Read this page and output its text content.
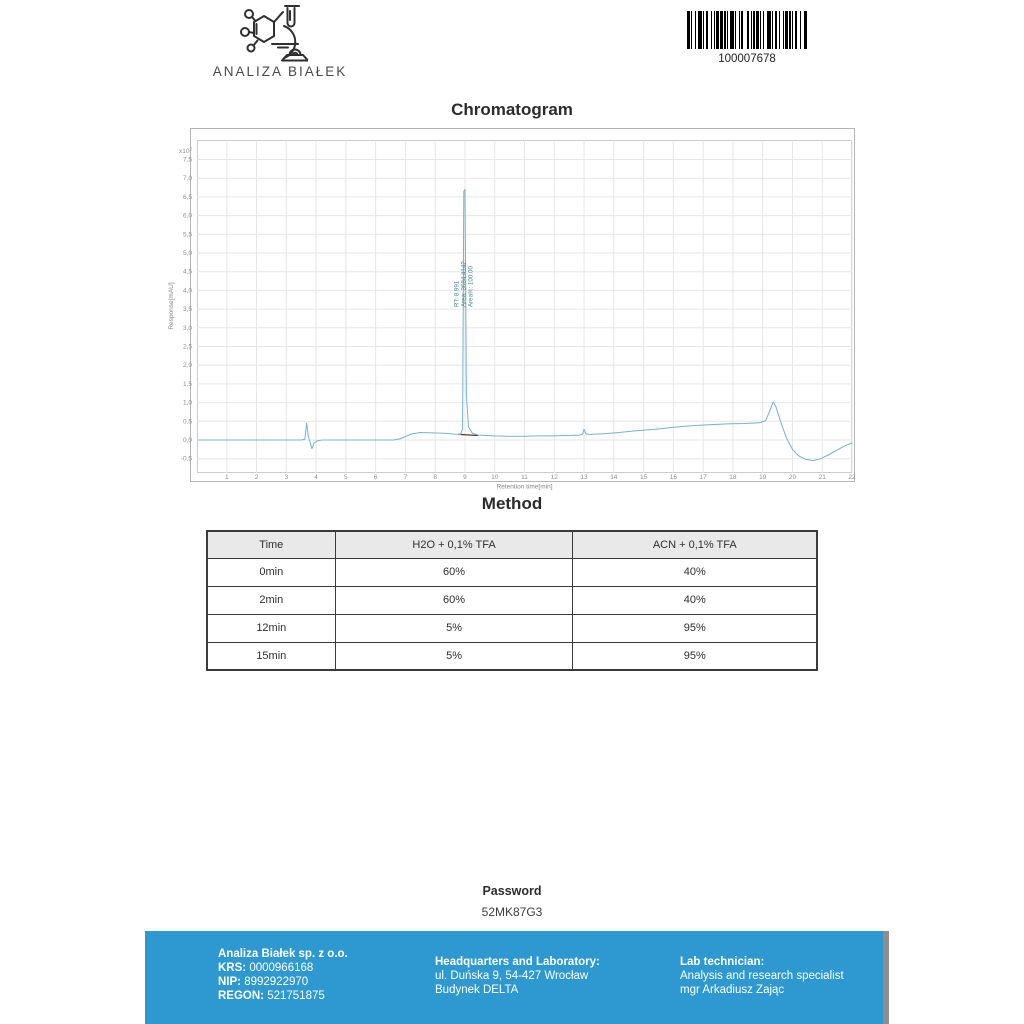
ANALIZA BIAŁEK
100007678
Chromatogram
$x10^2$
7,5
7,0
6,5
6,0
5,5
5,0
4,5
4,0
3,5
3,0
2,5
2,0
1,5
1,0
0,5
0,0
-0,5
1	2	3	4	5	6	7	8	9	10	11	12	13	14	15	16	17	18	19	20	21	22
Retention time[min]
Response[mAU]	RT: 8.991 Area: 3684.4142 Area%: 100.00
Method
Time	H2O + 0,1% TFA	ACN + 0,1% TFA
0min	60%	40%
2min	60%	40%
12min	5%	95%
15min	5%	95%
Password
52MK87G3
Analiza Białek sp. z o.o.
KRS: 0000966168
NIP: 8992922970
REGON: 521751875
Headquarters and Laboratory:
ul. Duńska 9, 54-427 Wrocław
Budynek DELTA
Lab technician:
Analysis and research specialist
mgr Arkadiusz Zając
